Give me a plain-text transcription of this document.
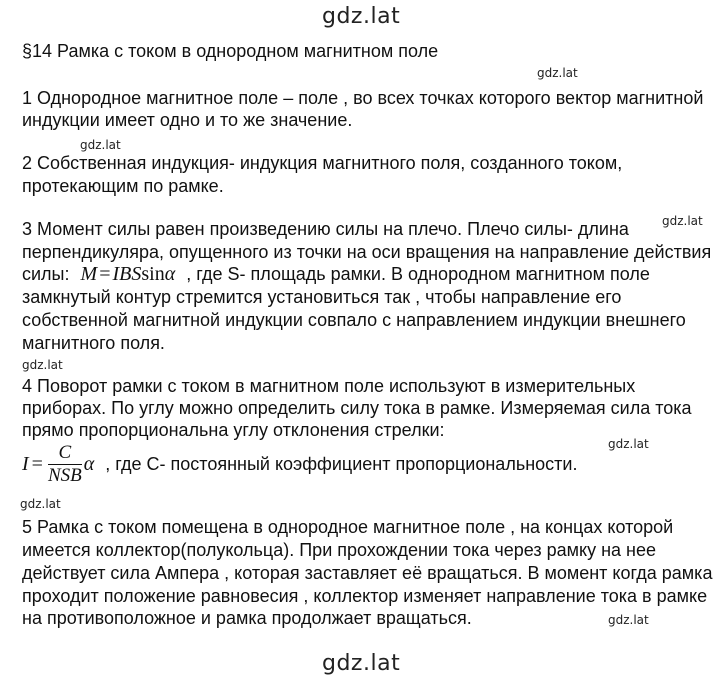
gdz.lat
gdz.lat
gdz.lat
gdz.lat
gdz.lat
gdz.lat
gdz.lat
gdz.lat
gdz.lat
§14 Рамка с током в однородном магнитном поле
1 Однородное магнитное поле – поле , во всех точках которого вектор магнитной
индукции имеет одно и то же значение.
2 Собственная индукция- индукция магнитного поля, созданного током,
протекающим по рамке.
3 Момент силы равен произведению силы на плечо. Плечо силы- длина
перпендикуляра, опущенного из точки на оси вращения на направление действия
силы: M = IBSsinα , где S- площадь рамки. В однородном магнитном поле
замкнутый контур стремится установиться так , чтобы направление его
собственной магнитной индукции совпало с направлением индукции внешнего
магнитного поля.
4 Поворот рамки с током в магнитном поле используют в измерительных
приборах. По углу можно определить силу тока в рамке. Измеряемая сила тока
прямо пропорциональна углу отклонения стрелки:
$I = \frac{C}{\text{NSB}}$ α , где С- постоянный коэффициент пропорциональности.
5 Рамка с током помещена в однородное магнитное поле , на концах которой
имеется коллектор(полукольца). При прохождении тока через рамку на нее
действует сила Ампера , которая заставляет её вращаться. В момент когда рамка
проходит положение равновесия , коллектор изменяет направление тока в рамке
на противоположное и рамка продолжает вращаться.
